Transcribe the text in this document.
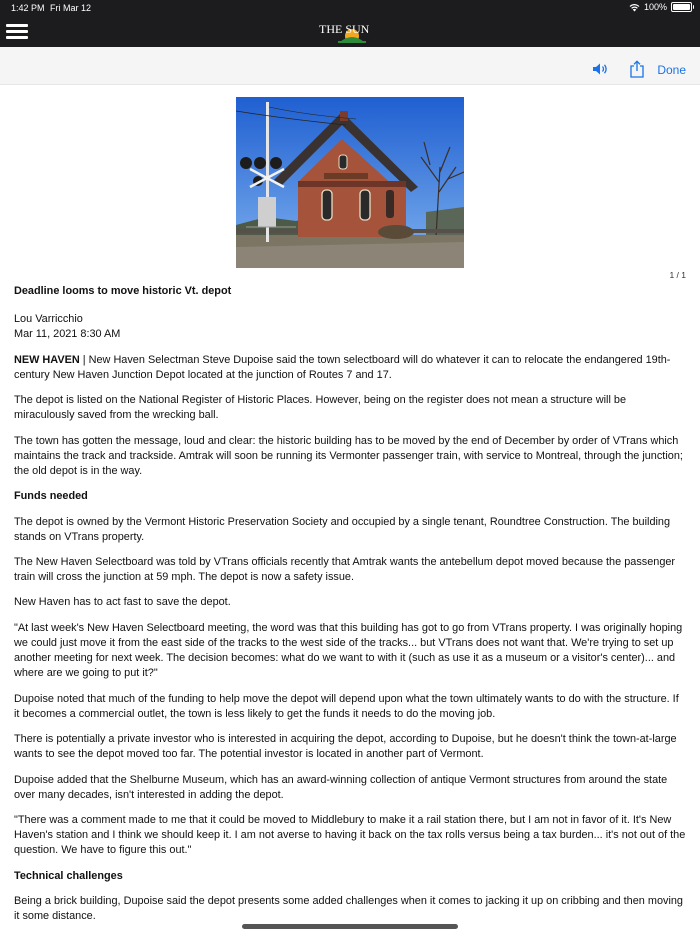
1:42 PM Fri Mar 12	100%
THE SUN
Done
1 / 1

Deadline looms to move historic Vt. depot

Lou Varricchio
Mar 11, 2021 8:30 AM

NEW HAVEN | New Haven Selectman Steve Dupoise said the town selectboard will do whatever it can to relocate the endangered 19th-century New Haven Junction Depot located at the junction of Routes 7 and 17.

The depot is listed on the National Register of Historic Places. However, being on the register does not mean a structure will be miraculously saved from the wrecking ball.

The town has gotten the message, loud and clear: the historic building has to be moved by the end of December by order of VTrans which maintains the track and trackside. Amtrak will soon be running its Vermonter passenger train, with service to Montreal, through the junction; the old depot is in the way.

Funds needed

The depot is owned by the Vermont Historic Preservation Society and occupied by a single tenant, Roundtree Construction. The building stands on VTrans property.

The New Haven Selectboard was told by VTrans officials recently that Amtrak wants the antebellum depot moved because the passenger train will cross the junction at 59 mph. The depot is now a safety issue.

New Haven has to act fast to save the depot.

"At last week's New Haven Selectboard meeting, the word was that this building has got to go from VTrans property. I was originally hoping we could just move it from the east side of the tracks to the west side of the tracks... but VTrans does not want that. We're trying to set up another meeting for next week. The decision becomes: what do we want to with it (such as use it as a museum or a visitor's center)... and where are we going to put it?"

Dupoise noted that much of the funding to help move the depot will depend upon what the town ultimately wants to do with the structure. If it becomes a commercial outlet, the town is less likely to get the funds it needs to do the moving job.

There is potentially a private investor who is interested in acquiring the depot, according to Dupoise, but he doesn't think the town-at-large wants to see the depot moved too far. The potential investor is located in another part of Vermont.

Dupoise added that the Shelburne Museum, which has an award-winning collection of antique Vermont structures from around the state over many decades, isn't interested in adding the depot.

"There was a comment made to me that it could be moved to Middlebury to make it a rail station there, but I am not in favor of it. It's New Haven's station and I think we should keep it. I am not averse to having it back on the tax rolls versus being a tax burden... it's not out of the question. We have to figure this out."

Technical challenges

Being a brick building, Dupoise said the depot presents some added challenges when it comes to jacking it up on cribbing and then moving it some distance.
